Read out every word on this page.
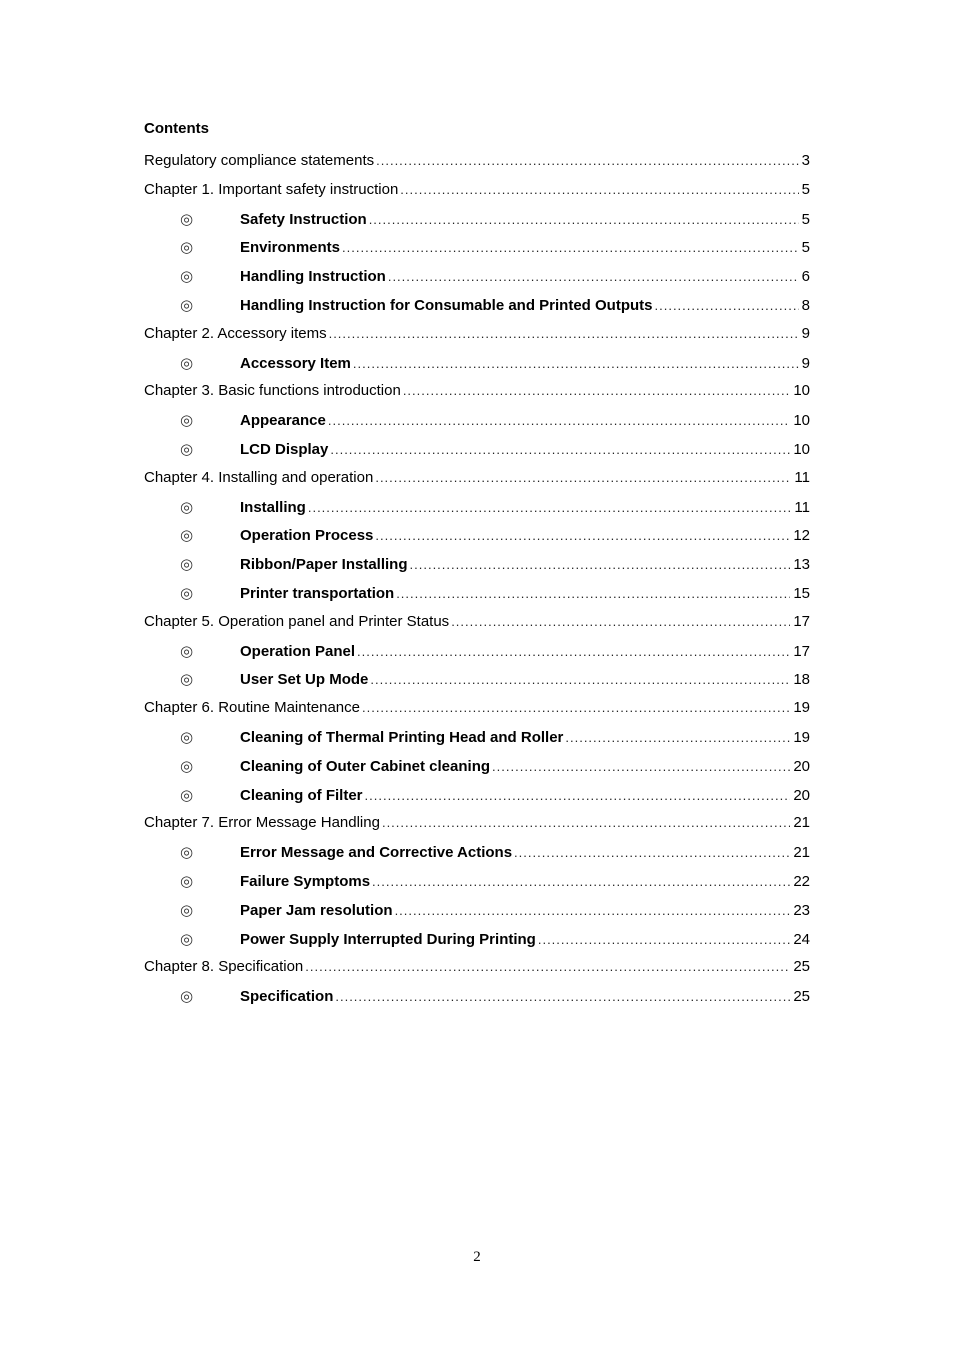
Contents
Regulatory compliance statements .....	3
Chapter 1. Important safety instruction .....	5
◎	Safety Instruction .....	5
◎	Environments .....	5
◎	Handling Instruction .....	6
◎	Handling Instruction for Consumable and Printed Outputs .....	8
Chapter 2. Accessory items .....	9
◎	Accessory Item .....	9
Chapter 3. Basic functions introduction .....	10
◎	Appearance .....	10
◎	LCD Display .....	10
Chapter 4. Installing and operation .....	11
◎	Installing .....	11
◎	Operation Process .....	12
◎	Ribbon/Paper Installing .....	13
◎	Printer transportation .....	15
Chapter 5. Operation panel and Printer Status .....	17
◎	Operation Panel .....	17
◎	User Set Up Mode .....	18
Chapter 6. Routine Maintenance .....	19
◎	Cleaning of Thermal Printing Head and Roller .....	19
◎	Cleaning of Outer Cabinet cleaning .....	20
◎	Cleaning of Filter .....	20
Chapter 7. Error Message Handling .....	21
◎	Error Message and Corrective Actions .....	21
◎	Failure Symptoms .....	22
◎	Paper Jam resolution .....	23
◎	Power Supply Interrupted During Printing .....	24
Chapter 8. Specification .....	25
◎	Specification .....	25
2
